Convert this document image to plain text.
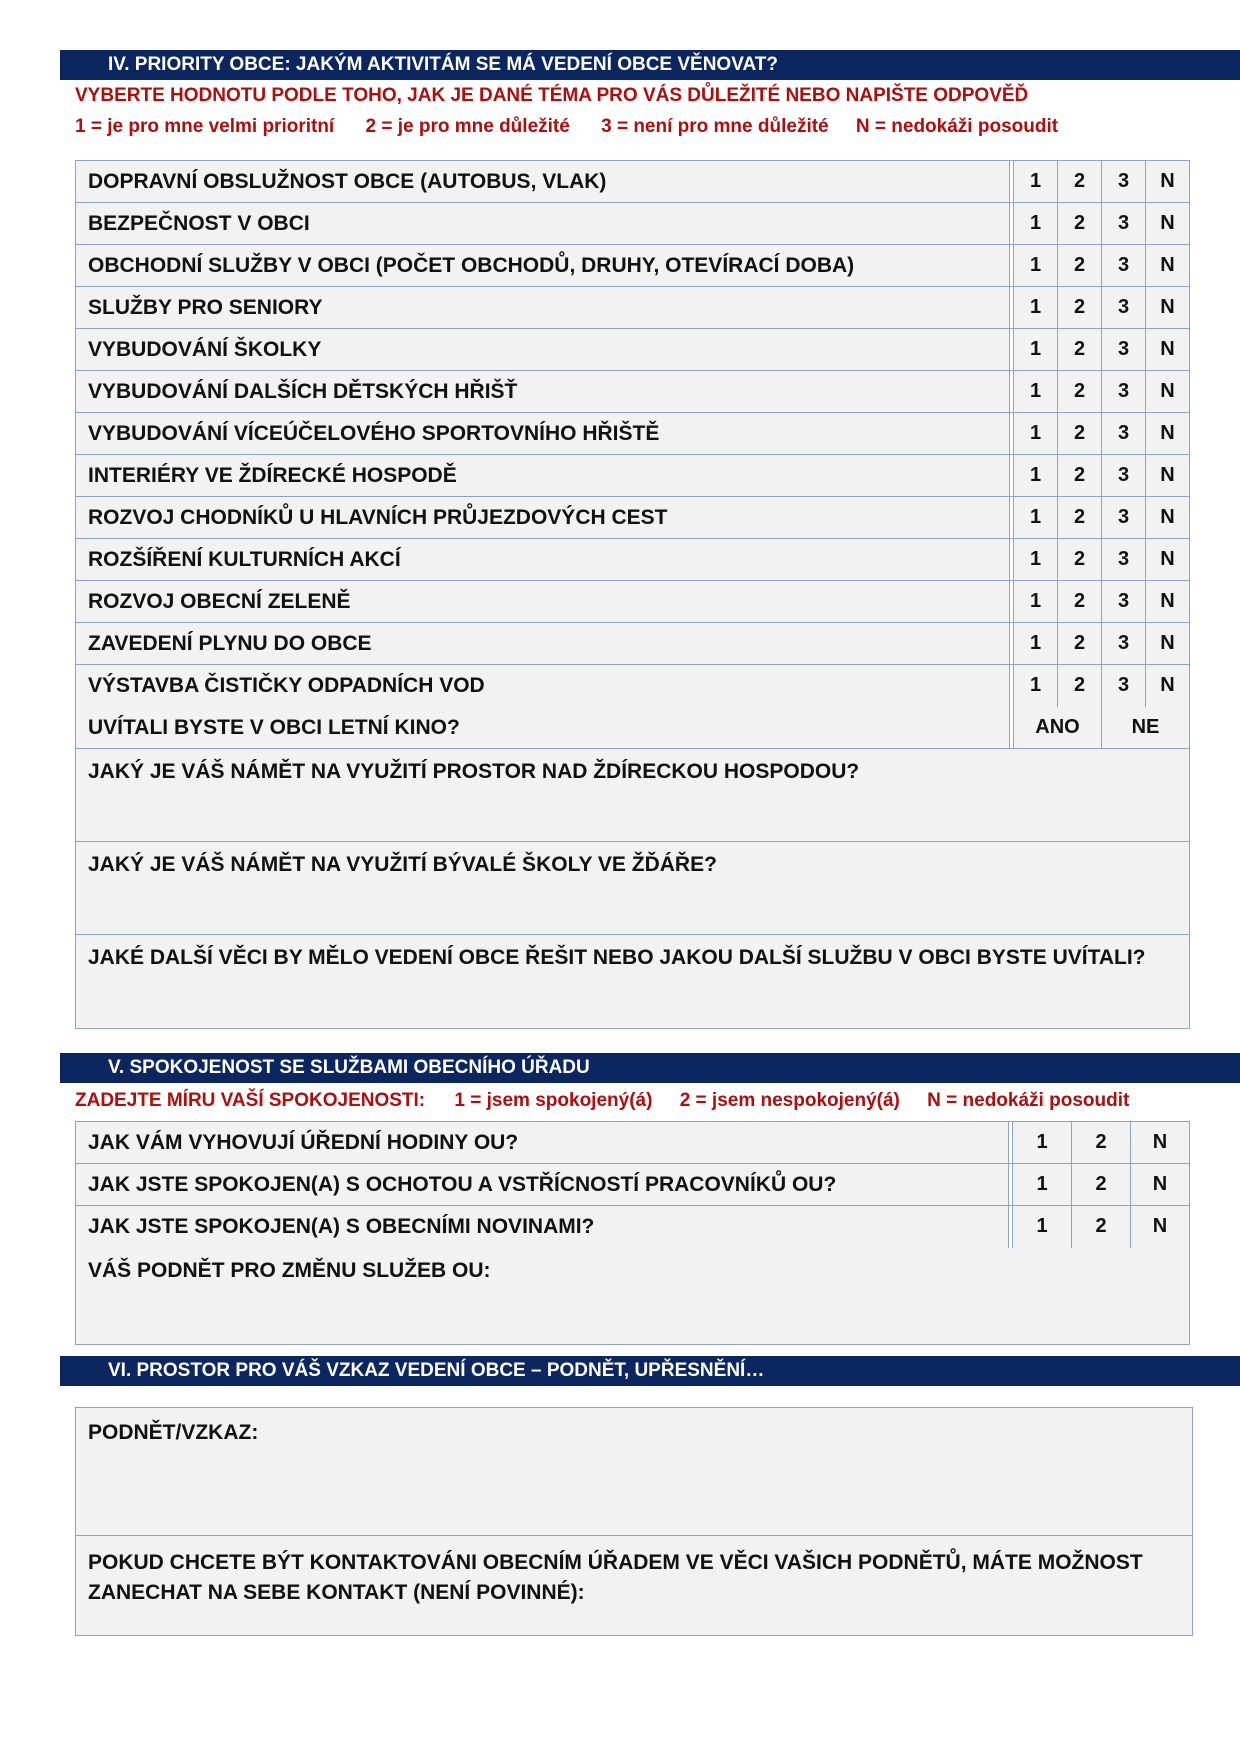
IV. PRIORITY OBCE: JAKÝM AKTIVITÁM SE MÁ VEDENÍ OBCE VĚNOVAT?
VYBERTE HODNOTU PODLE TOHO, JAK JE DANÉ TÉMA PRO VÁS DŮLEŽITÉ NEBO NAPIŠTE ODPOVĚĎ
1 = je pro mne velmi prioritní 2 = je pro mne důležité 3 = není pro mne důležité N = nedokáži posoudit
DOPRAVNÍ OBSLUŽNOST OBCE (AUTOBUS, VLAK)	1	2	3	N
BEZPEČNOST V OBCI	1	2	3	N
OBCHODNÍ SLUŽBY V OBCI (POČET OBCHODŮ, DRUHY, OTEVÍRACÍ DOBA)	1	2	3	N
SLUŽBY PRO SENIORY	1	2	3	N
VYBUDOVÁNÍ ŠKOLKY	1	2	3	N
VYBUDOVÁNÍ DALŠÍCH DĚTSKÝCH HŘIŠŤ	1	2	3	N
VYBUDOVÁNÍ VÍCEÚČELOVÉHO SPORTOVNÍHO HŘIŠTĚ	1	2	3	N
INTERIÉRY VE ŽDÍRECKÉ HOSPODĚ	1	2	3	N
ROZVOJ CHODNÍKŮ U HLAVNÍCH PRŮJEZDOVÝCH CEST	1	2	3	N
ROZŠÍŘENÍ KULTURNÍCH AKCÍ	1	2	3	N
ROZVOJ OBECNÍ ZELENĚ	1	2	3	N
ZAVEDENÍ PLYNU DO OBCE	1	2	3	N
VÝSTAVBA ČISTIČKY ODPADNÍCH VOD	1	2	3	N
UVÍTALI BYSTE V OBCI LETNÍ KINO?	ANO	NE
JAKÝ JE VÁŠ NÁMĚT NA VYUŽITÍ PROSTOR NAD ŽDÍRECKOU HOSPODOU?
JAKÝ JE VÁŠ NÁMĚT NA VYUŽITÍ BÝVALÉ ŠKOLY VE ŽĎÁŘE?
JAKÉ DALŠÍ VĚCI BY MĚLO VEDENÍ OBCE ŘEŠIT NEBO JAKOU DALŠÍ SLUŽBU V OBCI BYSTE UVÍTALI?
V. SPOKOJENOST SE SLUŽBAMI OBECNÍHO ÚŘADU
ZADEJTE MÍRU VAŠÍ SPOKOJENOSTI: 1 = jsem spokojený(á) 2 = jsem nespokojený(á) N = nedokáži posoudit
JAK VÁM VYHOVUJÍ ÚŘEDNÍ HODINY OU?	1	2	N
JAK JSTE SPOKOJEN(A) S OCHOTOU A VSTŘÍCNOSTÍ PRACOVNÍKŮ OU?	1	2	N
JAK JSTE SPOKOJEN(A) S OBECNÍMI NOVINAMI?	1	2	N
VÁŠ PODNĚT PRO ZMĚNU SLUŽEB OU:
VI. PROSTOR PRO VÁŠ VZKAZ VEDENÍ OBCE – PODNĚT, UPŘESNĚNÍ…
PODNĚT/VZKAZ:
POKUD CHCETE BÝT KONTAKTOVÁNI OBECNÍM ÚŘADEM VE VĚCI VAŠICH PODNĚTŮ, MÁTE MOŽNOST ZANECHAT NA SEBE KONTAKT (NENÍ POVINNÉ):
